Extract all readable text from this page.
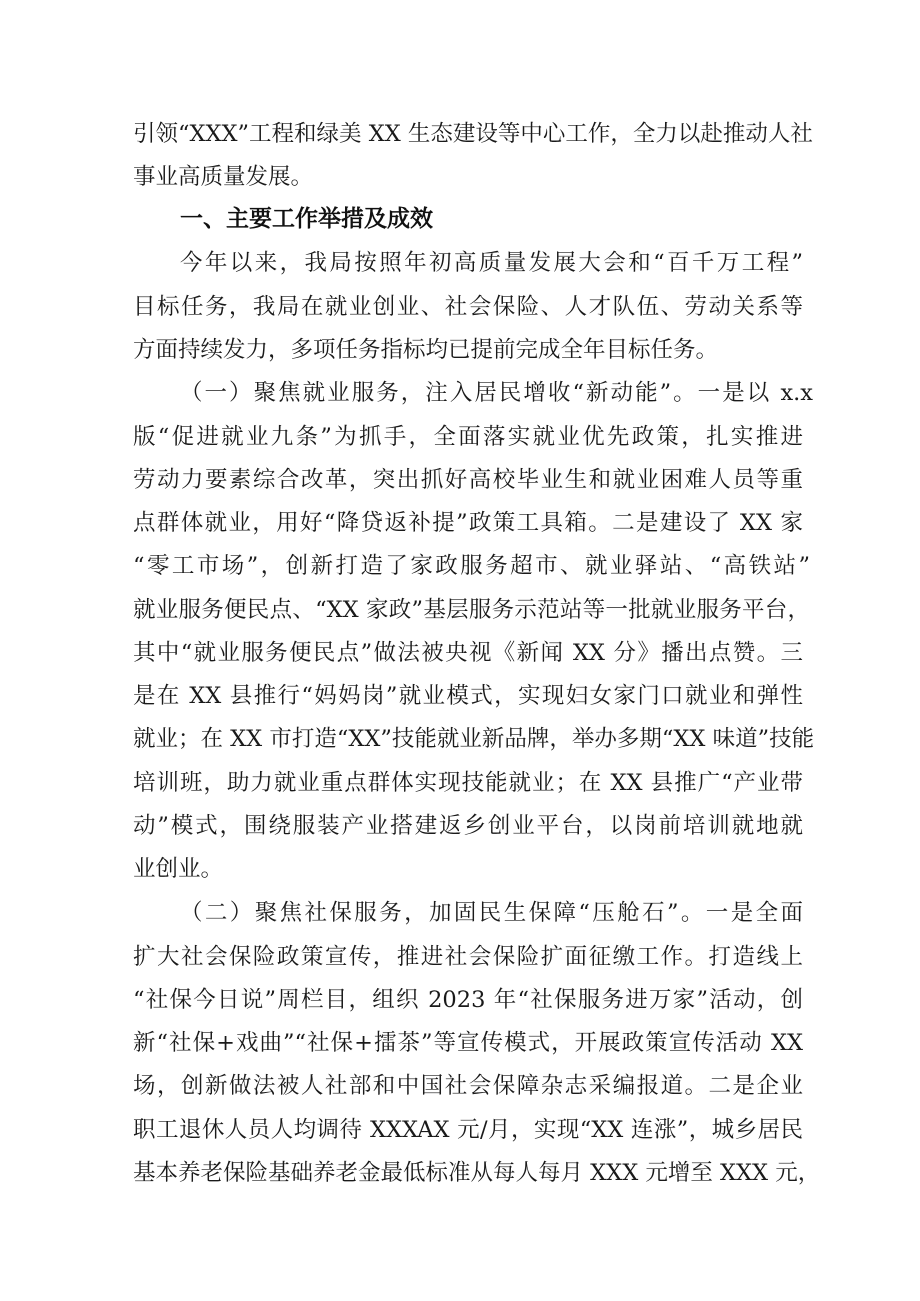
引领“XXX”工程和绿美 XX 生态建设等中心工作，全力以赴推动人社
事业高质量发展。
一、主要工作举措及成效
今年以来，我局按照年初高质量发展大会和“百千万工程”
目标任务，我局在就业创业、社会保险、人才队伍、劳动关系等
方面持续发力，多项任务指标均已提前完成全年目标任务。
（一）聚焦就业服务，注入居民增收“新动能”。一是以 x.x
版“促进就业九条”为抓手，全面落实就业优先政策，扎实推进
劳动力要素综合改革，突出抓好高校毕业生和就业困难人员等重
点群体就业，用好“降贷返补提”政策工具箱。二是建设了 XX 家
“零工市场”，创新打造了家政服务超市、就业驿站、“高铁站”
就业服务便民点、“XX 家政”基层服务示范站等一批就业服务平台，
其中“就业服务便民点”做法被央视《新闻 XX 分》播出点赞。三
是在 XX 县推行“妈妈岗”就业模式，实现妇女家门口就业和弹性
就业；在 XX 市打造“XX”技能就业新品牌，举办多期“XX 味道”技能
培训班，助力就业重点群体实现技能就业；在 XX 县推广“产业带
动”模式，围绕服装产业搭建返乡创业平台，以岗前培训就地就
业创业。
（二）聚焦社保服务，加固民生保障“压舱石”。一是全面
扩大社会保险政策宣传，推进社会保险扩面征缴工作。打造线上
“社保今日说”周栏目，组织 2023 年“社保服务进万家”活动，创
新“社保+戏曲”“社保+擂茶”等宣传模式，开展政策宣传活动 XX
场，创新做法被人社部和中国社会保障杂志采编报道。二是企业
职工退休人员人均调待 XXXAX 元/月，实现“XX 连涨”，城乡居民
基本养老保险基础养老金最低标准从每人每月 XXX 元增至 XXX 元，
